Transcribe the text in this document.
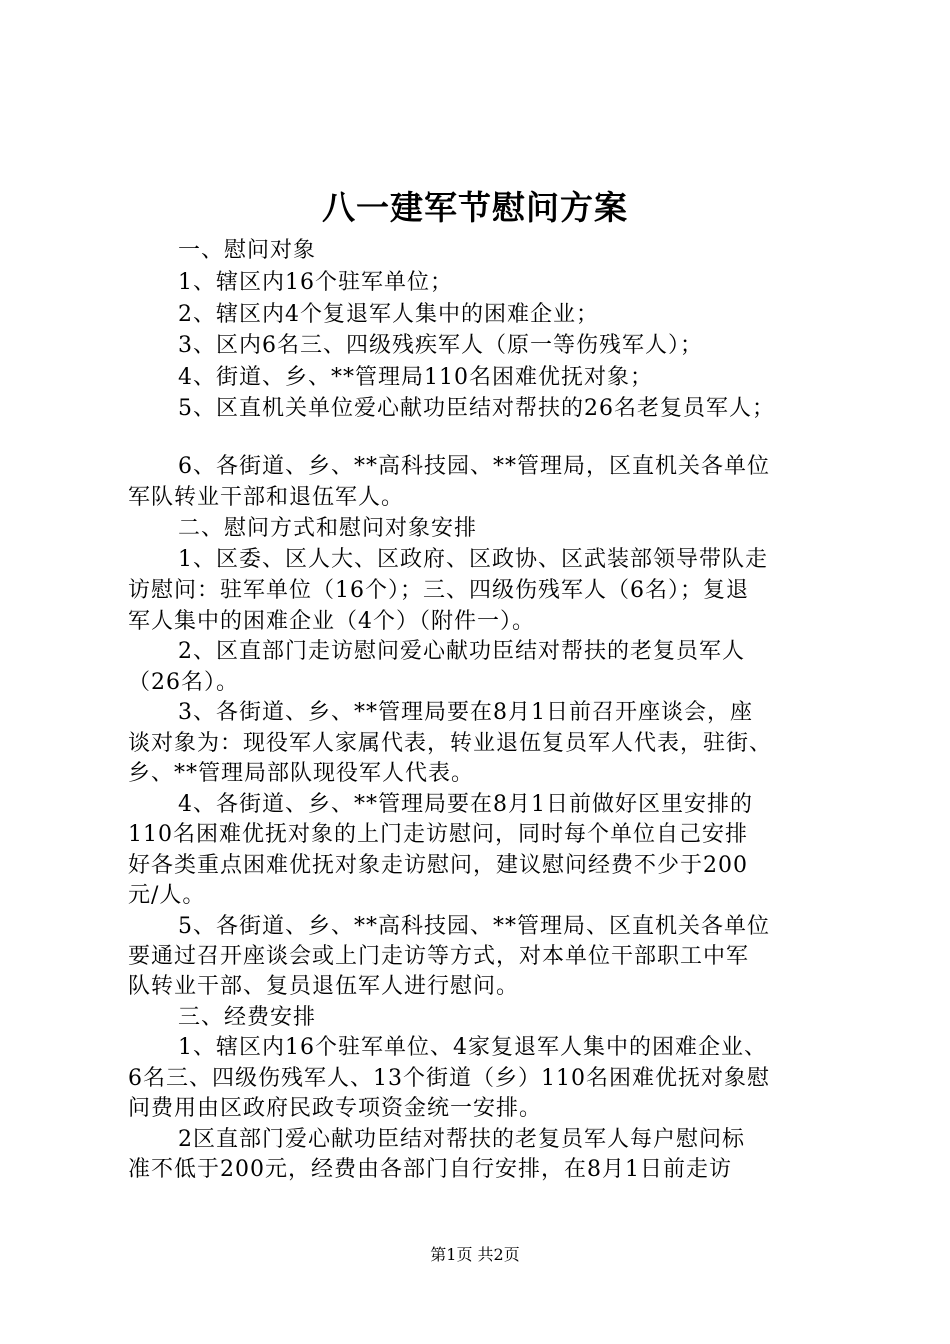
八一建军节慰问方案
一、慰问对象
1、辖区内16个驻军单位；
2、辖区内4个复退军人集中的困难企业；
3、区内6名三、四级残疾军人（原一等伤残军人）；
4、街道、乡、**管理局110名困难优抚对象；
5、区直机关单位爱心献功臣结对帮扶的26名老复员军人；
6、各街道、乡、**高科技园、**管理局，区直机关各单位
军队转业干部和退伍军人。
二、慰问方式和慰问对象安排
1、区委、区人大、区政府、区政协、区武装部领导带队走
访慰问：驻军单位（16个）；三、四级伤残军人（6名）；复退
军人集中的困难企业（4个）（附件一）。
2、区直部门走访慰问爱心献功臣结对帮扶的老复员军人
（26名）。
3、各街道、乡、**管理局要在8月1日前召开座谈会，座
谈对象为：现役军人家属代表，转业退伍复员军人代表，驻街、
乡、**管理局部队现役军人代表。
4、各街道、乡、**管理局要在8月1日前做好区里安排的
110名困难优抚对象的上门走访慰问，同时每个单位自己安排
好各类重点困难优抚对象走访慰问，建议慰问经费不少于200
元/人。
5、各街道、乡、**高科技园、**管理局、区直机关各单位
要通过召开座谈会或上门走访等方式，对本单位干部职工中军
队转业干部、复员退伍军人进行慰问。
三、经费安排
1、辖区内16个驻军单位、4家复退军人集中的困难企业、
6名三、四级伤残军人、13个街道（乡）110名困难优抚对象慰
问费用由区政府民政专项资金统一安排。
2区直部门爱心献功臣结对帮扶的老复员军人每户慰问标
准不低于200元，经费由各部门自行安排，在8月1日前走访
第1页 共2页
